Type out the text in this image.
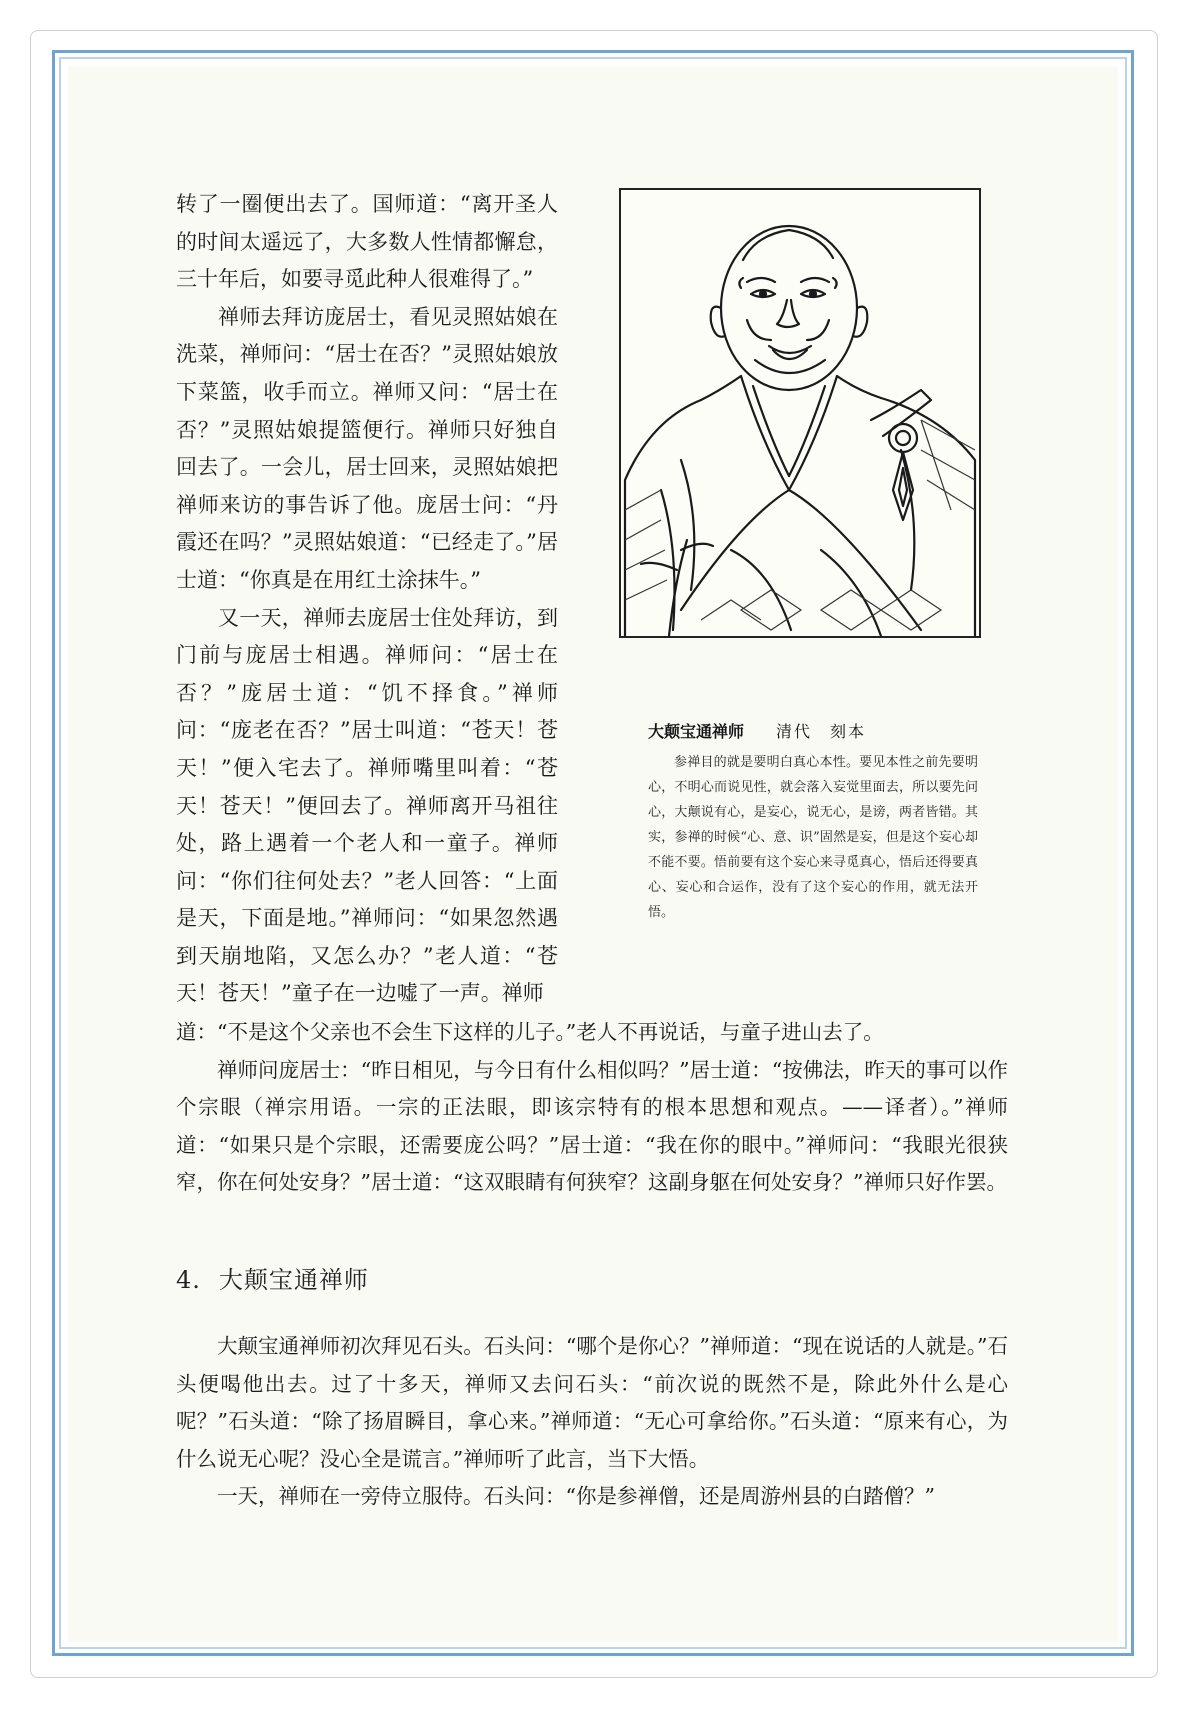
转了一圈便出去了。国师道：“离开圣人的时间太遥远了，大多数人性情都懈怠，三十年后，如要寻觅此种人很难得了。”

禅师去拜访庞居士，看见灵照姑娘在洗菜，禅师问：“居士在否？”灵照姑娘放下菜篮，收手而立。禅师又问：“居士在否？”灵照姑娘提篮便行。禅师只好独自回去了。一会儿，居士回来，灵照姑娘把禅师来访的事告诉了他。庞居士问：“丹霞还在吗？”灵照姑娘道：“已经走了。”居士道：“你真是在用红土涂抹牛。”

又一天，禅师去庞居士住处拜访，到门前与庞居士相遇。禅师问：“居士在否？”庞居士道：“饥不择食。”禅师问：“庞老在否？”居士叫道：“苍天！苍天！”便入宅去了。禅师嘴里叫着：“苍天！苍天！”便回去了。禅师离开马祖往处，路上遇着一个老人和一童子。禅师问：“你们往何处去？”老人回答：“上面是天，下面是地。”禅师问：“如果忽然遇到天崩地陷，又怎么办？”老人道：“苍天！苍天！”童子在一边嘘了一声。禅师

大颠宝通禅师 清代　刻本

参禅目的就是要明白真心本性。要见本性之前先要明心，不明心而说见性，就会落入妄觉里面去，所以要先问心，大颠说有心，是妄心，说无心，是谤，两者皆错。其实，参禅的时候“心、意、识”固然是妄，但是这个妄心却不能不要。悟前要有这个妄心来寻觅真心，悟后还得要真心、妄心和合运作，没有了这个妄心的作用，就无法开悟。

道：“不是这个父亲也不会生下这样的儿子。”老人不再说话，与童子进山去了。

禅师问庞居士：“昨日相见，与今日有什么相似吗？”居士道：“按佛法，昨天的事可以作个宗眼（禅宗用语。一宗的正法眼，即该宗特有的根本思想和观点。——译者）。”禅师道：“如果只是个宗眼，还需要庞公吗？”居士道：“我在你的眼中。”禅师问：“我眼光很狭窄，你在何处安身？”居士道：“这双眼睛有何狭窄？这副身躯在何处安身？”禅师只好作罢。

4. 大颠宝通禅师

大颠宝通禅师初次拜见石头。石头问：“哪个是你心？”禅师道：“现在说话的人就是。”石头便喝他出去。过了十多天，禅师又去问石头：“前次说的既然不是，除此外什么是心呢？”石头道：“除了扬眉瞬目，拿心来。”禅师道：“无心可拿给你。”石头道：“原来有心，为什么说无心呢？没心全是谎言。”禅师听了此言，当下大悟。

一天，禅师在一旁侍立服侍。石头问：“你是参禅僧，还是周游州县的白踏僧？”
